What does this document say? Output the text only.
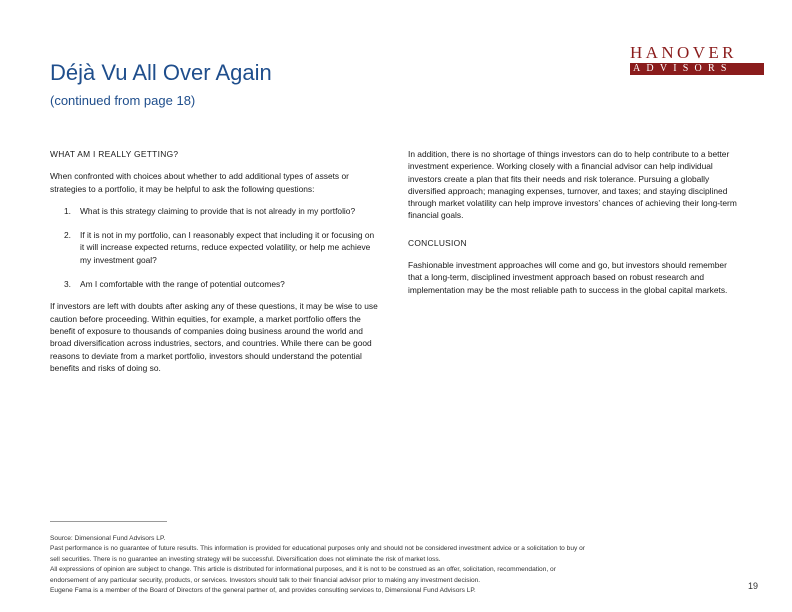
HANOVER
ADVISORS
Déjà Vu All Over Again
(continued from page 18)
WHAT AM I REALLY GETTING?

When confronted with choices about whether to add additional types of assets or strategies to a portfolio, it may be helpful to ask the following questions:

1.	What is this strategy claiming to provide that is not already in my portfolio?
2.	If it is not in my portfolio, can I reasonably expect that including it or focusing on it will increase expected returns, reduce expected volatility, or help me achieve my investment goal?
3.	Am I comfortable with the range of potential outcomes?

If investors are left with doubts after asking any of these questions, it may be wise to use caution before proceeding. Within equities, for example, a market portfolio offers the benefit of exposure to thousands of companies doing business around the world and broad diversification across industries, sectors, and countries. While there can be good reasons to deviate from a market portfolio, investors should understand the potential benefits and risks of doing so.

In addition, there is no shortage of things investors can do to help contribute to a better investment experience. Working closely with a financial advisor can help individual investors create a plan that fits their needs and risk tolerance. Pursuing a globally diversified approach; managing expenses, turnover, and taxes; and staying disciplined through market volatility can help improve investors’ chances of achieving their long-term financial goals.

CONCLUSION

Fashionable investment approaches will come and go, but investors should remember that a long-term, disciplined investment approach based on robust research and implementation may be the most reliable path to success in the global capital markets.

Source: Dimensional Fund Advisors LP.
Past performance is no guarantee of future results. This information is provided for educational purposes only and should not be considered investment advice or a solicitation to buy or
sell securities. There is no guarantee an investing strategy will be successful. Diversification does not eliminate the risk of market loss.
All expressions of opinion are subject to change. This article is distributed for informational purposes, and it is not to be construed as an offer, solicitation, recommendation, or
endorsement of any particular security, products, or services. Investors should talk to their financial advisor prior to making any investment decision.
Eugene Fama is a member of the Board of Directors of the general partner of, and provides consulting services to, Dimensional Fund Advisors LP.	19
